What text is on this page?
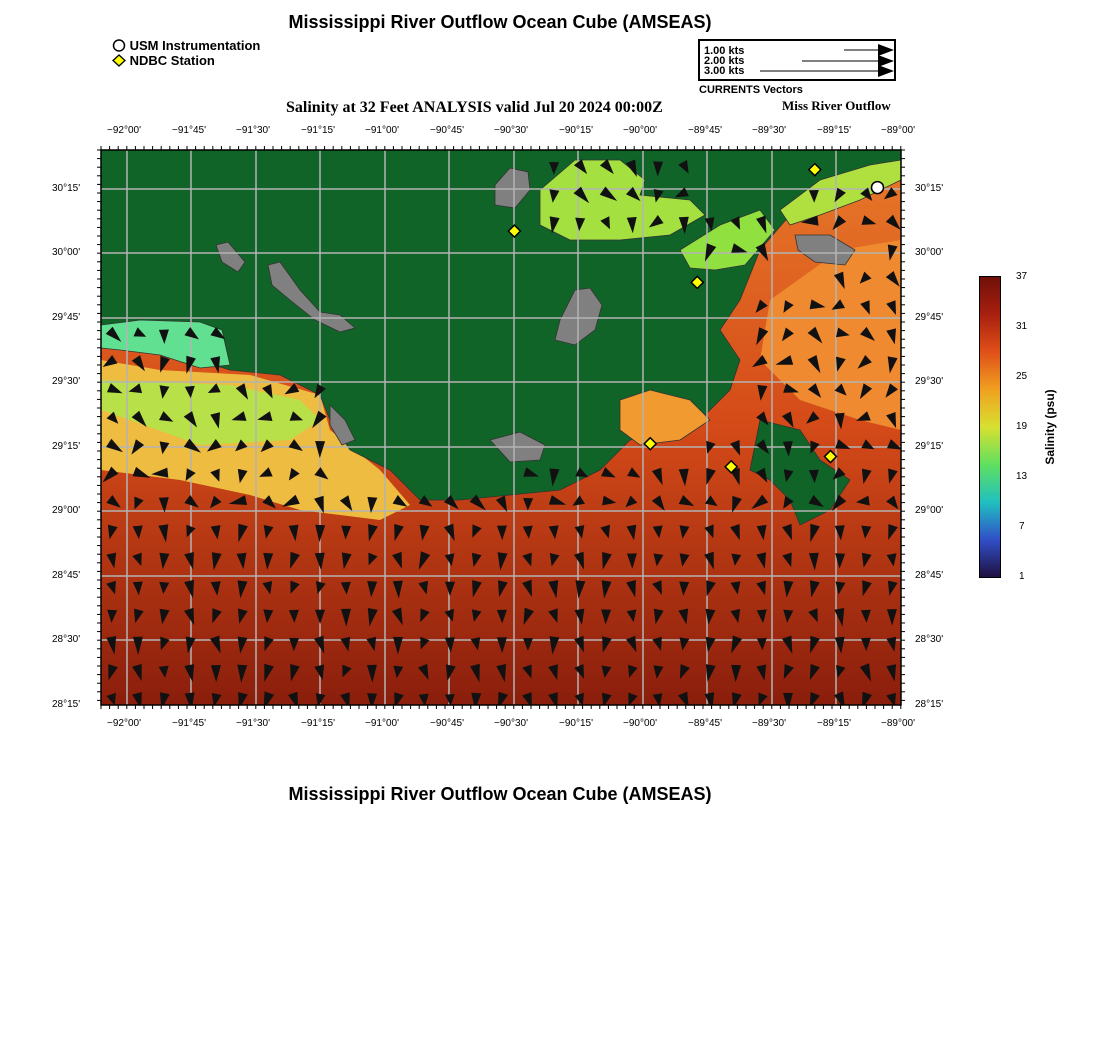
Mississippi River Outflow Ocean Cube (AMSEAS)
USM Instrumentation
NDBC Station
1.00 kts
2.00 kts
3.00 kts
CURRENTS Vectors
Salinity at 32 Feet ANALYSIS valid Jul 20 2024 00:00Z	Miss River Outflow
−92°00'	−91°45'	−91°30'	−91°15'	−91°00'	−90°45'	−90°30'	−90°15'	−90°00'	−89°45'	−89°30'	−89°15'	−89°00'
−92°00'	−91°45'	−91°30'	−91°15'	−91°00'	−90°45'	−90°30'	−90°15'	−90°00'	−89°45'	−89°30'	−89°15'	−89°00'
30°15'
30°00'
29°45'
29°30'
29°15'
29°00'
28°45'
28°30'
28°15'
30°15'
30°00'
29°45'
29°30'
29°15'
29°00'
28°45'
28°30'
28°15'
37
31
25
19
13
7
1
Salinity (psu)
Mississippi River Outflow Ocean Cube (AMSEAS)
